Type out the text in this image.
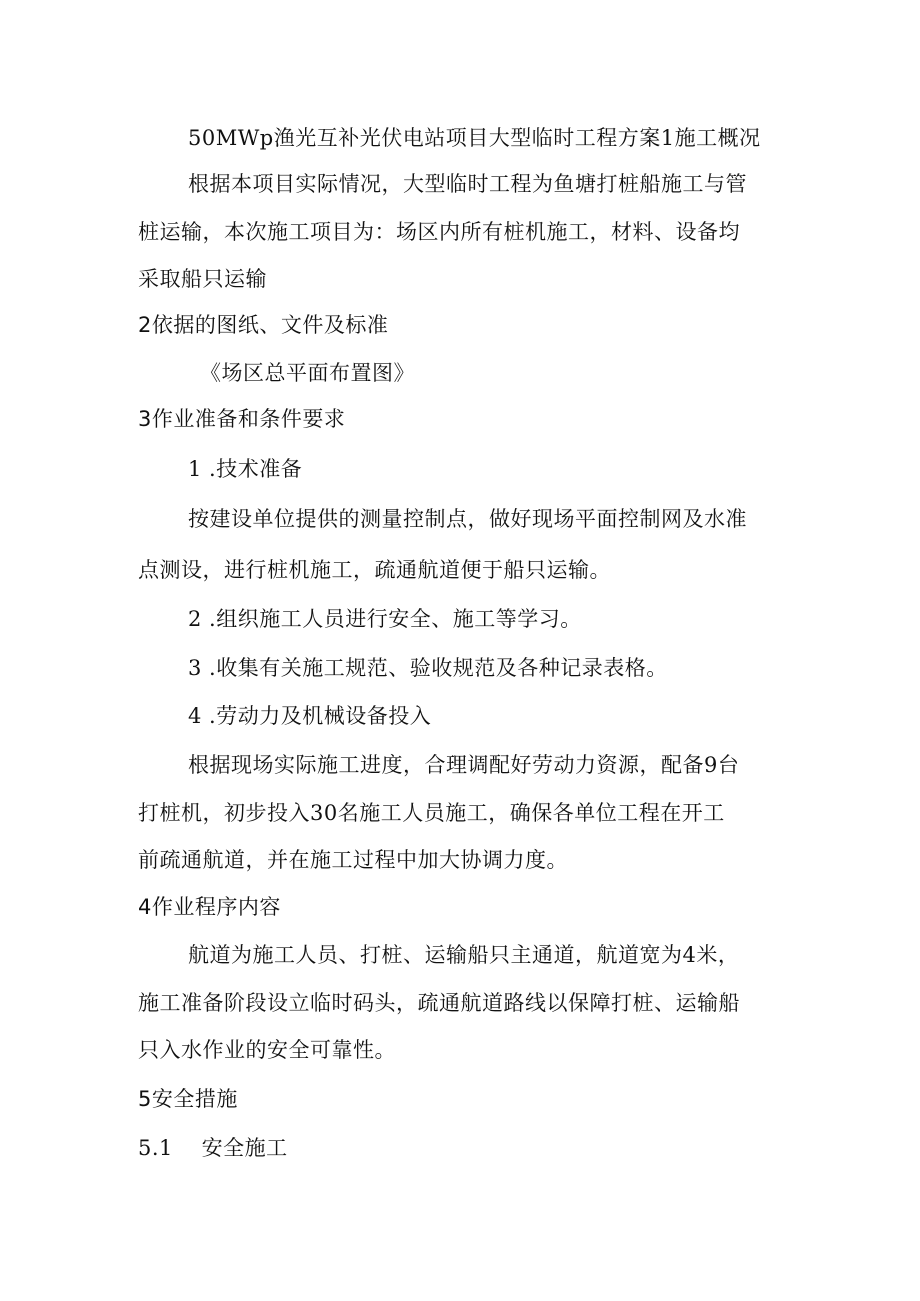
50MWp渔光互补光伏电站项目大型临时工程方案1施工概况
根据本项目实际情况，大型临时工程为鱼塘打桩船施工与管
桩运输，本次施工项目为：场区内所有桩机施工，材料、设备均
采取船只运输
2依据的图纸、文件及标准
《场区总平面布置图》
3作业准备和条件要求
1 .技术准备
按建设单位提供的测量控制点，做好现场平面控制网及水准
点测设，进行桩机施工，疏通航道便于船只运输。
2 .组织施工人员进行安全、施工等学习。
3 .收集有关施工规范、验收规范及各种记录表格。
4 .劳动力及机械设备投入
根据现场实际施工进度，合理调配好劳动力资源，配备9台
打桩机，初步投入30名施工人员施工，确保各单位工程在开工
前疏通航道，并在施工过程中加大协调力度。
4作业程序内容
航道为施工人员、打桩、运输船只主通道，航道宽为4米，
施工准备阶段设立临时码头，疏通航道路线以保障打桩、运输船
只入水作业的安全可靠性。
5安全措施
5.1    安全施工
